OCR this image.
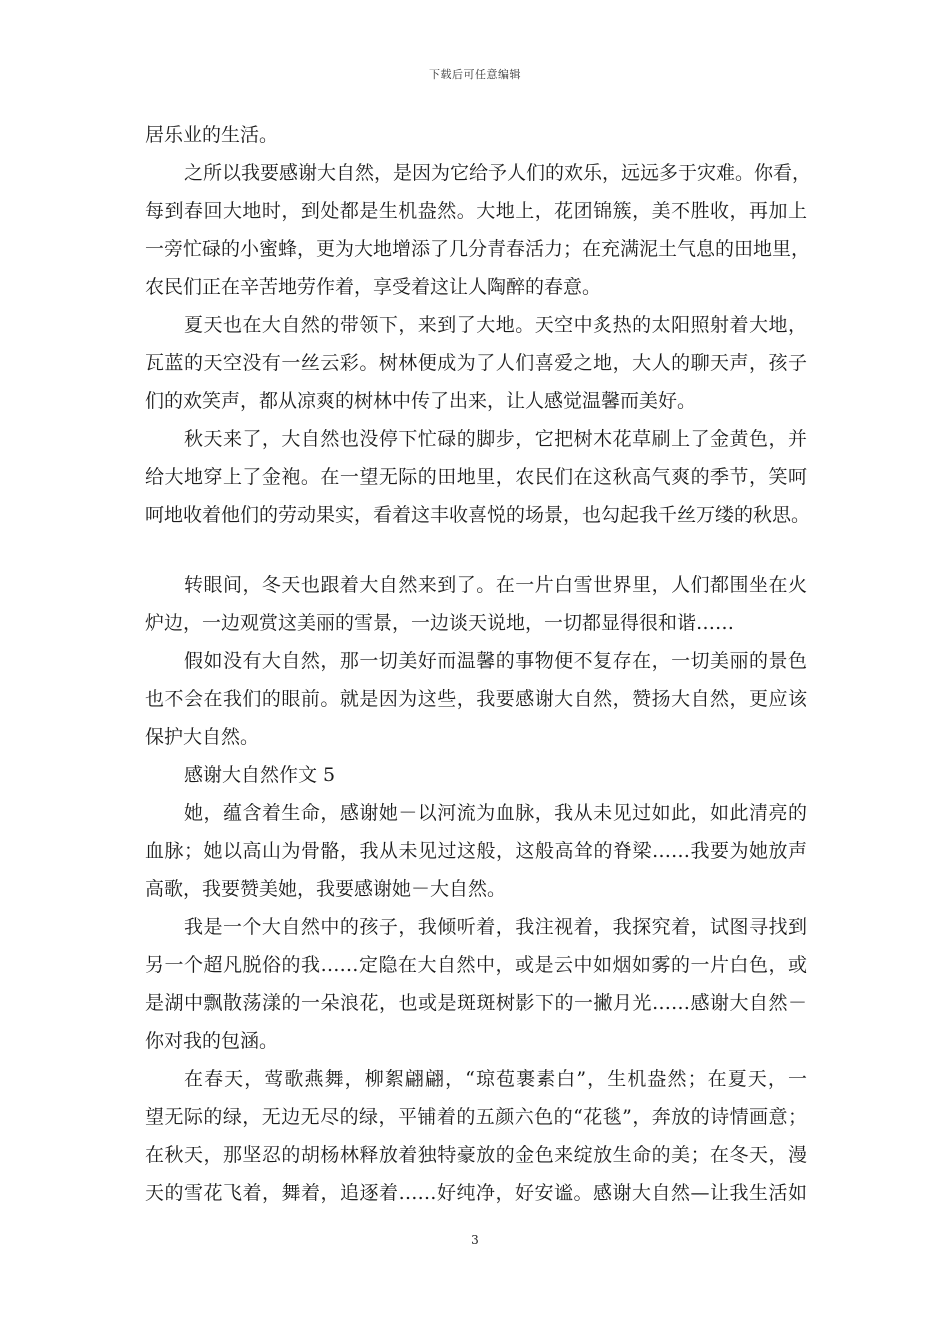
下载后可任意编辑
居乐业的生活。
之所以我要感谢大自然，是因为它给予人们的欢乐，远远多于灾难。你看，
每到春回大地时，到处都是生机盎然。大地上，花团锦簇，美不胜收，再加上
一旁忙碌的小蜜蜂，更为大地增添了几分青春活力；在充满泥土气息的田地里，
农民们正在辛苦地劳作着，享受着这让人陶醉的春意。
夏天也在大自然的带领下，来到了大地。天空中炙热的太阳照射着大地，
瓦蓝的天空没有一丝云彩。树林便成为了人们喜爱之地，大人的聊天声，孩子
们的欢笑声，都从凉爽的树林中传了出来，让人感觉温馨而美好。
秋天来了，大自然也没停下忙碌的脚步，它把树木花草刷上了金黄色，并
给大地穿上了金袍。在一望无际的田地里，农民们在这秋高气爽的季节，笑呵
呵地收着他们的劳动果实，看着这丰收喜悦的场景，也勾起我千丝万缕的秋思。
转眼间，冬天也跟着大自然来到了。在一片白雪世界里，人们都围坐在火
炉边，一边观赏这美丽的雪景，一边谈天说地，一切都显得很和谐……
假如没有大自然，那一切美好而温馨的事物便不复存在，一切美丽的景色
也不会在我们的眼前。就是因为这些，我要感谢大自然，赞扬大自然，更应该
保护大自然。
感谢大自然作文 5
她，蕴含着生命，感谢她－以河流为血脉，我从未见过如此，如此清亮的
血脉；她以高山为骨骼，我从未见过这般，这般高耸的脊梁……我要为她放声
高歌，我要赞美她，我要感谢她－大自然。
我是一个大自然中的孩子，我倾听着，我注视着，我探究着，试图寻找到
另一个超凡脱俗的我……定隐在大自然中，或是云中如烟如雾的一片白色，或
是湖中飘散荡漾的一朵浪花，也或是斑斑树影下的一撇月光……感谢大自然－
你对我的包涵。
在春天，莺歌燕舞，柳絮翩翩，“琼苞裹素白”，生机盎然；在夏天，一
望无际的绿，无边无尽的绿，平铺着的五颜六色的“花毯”，奔放的诗情画意；
在秋天，那坚忍的胡杨林释放着独特豪放的金色来绽放生命的美；在冬天，漫
天的雪花飞着，舞着，追逐着……好纯净，好安谧。感谢大自然—让我生活如
3
